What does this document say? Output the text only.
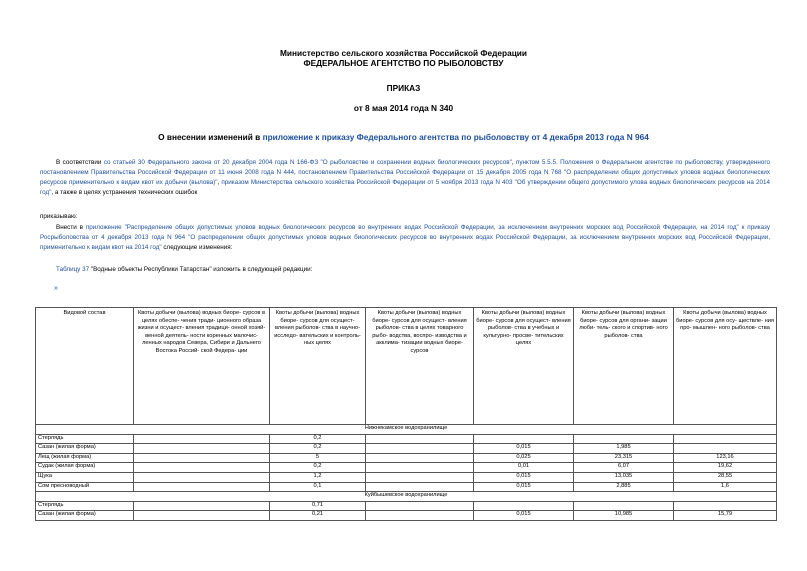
Министерство сельского хозяйства Российской Федерации
ФЕДЕРАЛЬНОЕ АГЕНТСТВО ПО РЫБОЛОВСТВУ
ПРИКАЗ
от 8 мая 2014 года N 340
О внесении изменений в приложение к приказу Федерального агентства по рыболовству от 4 декабря 2013 года N 964
В соответствии со статьей 30 Федерального закона от 20 декабря 2004 года N 166-ФЗ "О рыболовстве и сохранении водных биологических ресурсов", пунктом 5.5.5. Положения о Федеральном агентстве по рыболовству, утвержденного постановлением Правительства Российской Федерации от 11 июня 2008 года N 444, постановлением Правительства Российской Федерации от 15 декабря 2005 года N 768 "О распределении общих допустимых уловов водных биологических ресурсов применительно к видам квот их добычи (вылова)", приказом Министерства сельского хозяйства Российской Федерации от 5 ноября 2013 года N 403 "Об утверждении общего допустимого улова водных биологических ресурсов на 2014 год", а также в целях устранения технических ошибок
приказываю:
Внести в приложение "Распределение общих допустимых уловов водных биологических ресурсов во внутренних водах Российской Федерации, за исключением внутренних морских вод Российской Федерации, на 2014 год" к приказу Росрыболовства от 4 декабря 2013 года N 964 "О распределении общих допустимых уловов водных биологических ресурсов во внутренних водах Российской Федерации, за исключением внутренних морских вод Российской Федерации, применительно к видам квот на 2014 год" следующие изменения:
Таблицу 37 "Водные объекты Республики Татарстан" изложить в следующей редакции:
»
Видовой состав	Квоты добычи (вылова) водных биоре- сурсов в целях обеспе- чения тради- ционного образа жизни и осущест- вления традици- онной хозяй- венной деятель- ности коренных малочис- ленных народов Севера, Сибири и Дальнего Востока Россий- ской Федера- ции	Квоты добычи (вылова) водных биоре- сурсов для осущест- вления рыболов- ства в научно- исследо- вательских и контроль- ных целях	Квоты добычи (вылова) водных биоре- сурсов для осущест- вления рыболов- ства в целях товарного рыбо- водства, воспро- изводства и акклима- тизации водных биоре- сурсов	Квоты добычи (вылова) водных биоре- сурсов для осущест- вления рыболов- ства в учебных и культурно- просве- тительских целях	Квоты добычи (вылова) водных биоре- сурсов для органи- зации люби- тель- ского и спортив- ного рыболов- ства	Квоты добычи (вылова) водных биоре- сурсов для осу- ществле- ния про- мышлен- ного рыболов- ства
Нижнекамское водохранилище						
Стерлядь		0,2				
Сазан (жилая форма)		0,2		0,015	1,985	
Лещ (жилая форма)		5		0,025	23,315	123,16
Судак (жилая форма)		0,2		0,01	6,07	19,62
Щука		1,2		0,015	13,035	28,55
Сом пресноводный		0,1		0,015	2,885	1,6
Куйбышевское водохранилище						
Стерлядь		0,71				
Сазан (жилая форма)		0,21		0,015	10,985	15,79
